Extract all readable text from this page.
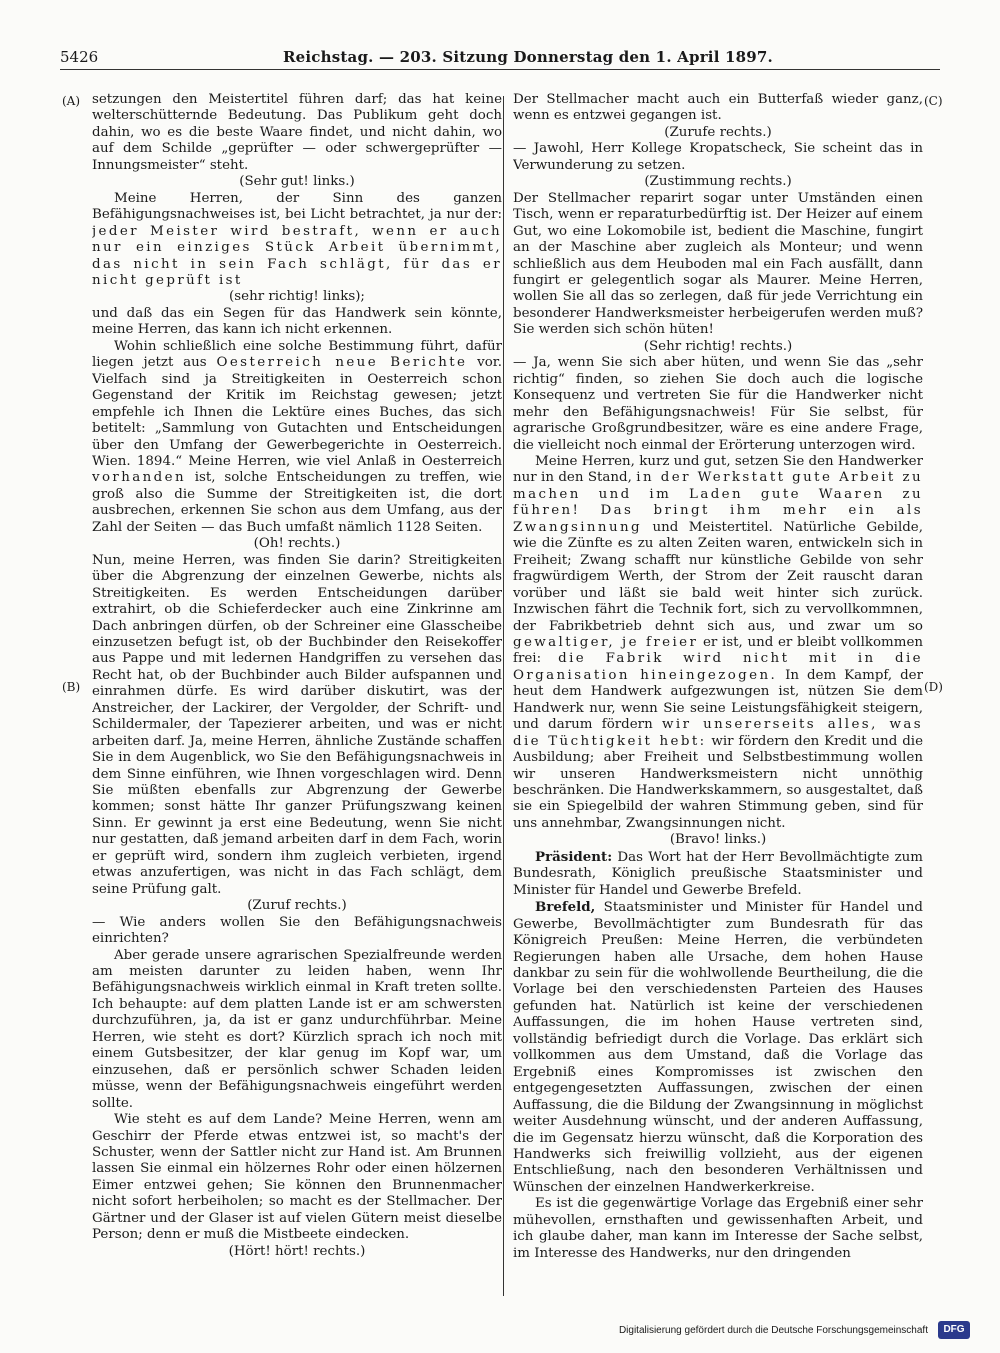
5426	Reichstag. — 203. Sitzung Donnerstag den 1. April 1897.
(A)
(B)
(C)
(D)

setzungen den Meistertitel führen darf; das hat keine welterschütternde Bedeutung. Das Publikum geht doch dahin, wo es die beste Waare findet, und nicht dahin, wo auf dem Schilde „geprüfter — oder schwergeprüfter — Innungsmeister“ steht.

(Sehr gut! links.)

Meine Herren, der Sinn des ganzen Befähigungsnachweises ist, bei Licht betrachtet, ja nur der: jeder Meister wird bestraft, wenn er auch nur ein einziges Stück Arbeit übernimmt, das nicht in sein Fach schlägt, für das er nicht geprüft ist

(sehr richtig! links);

und daß das ein Segen für das Handwerk sein könnte, meine Herren, das kann ich nicht erkennen.

Wohin schließlich eine solche Bestimmung führt, dafür liegen jetzt aus Oesterreich neue Berichte vor. Vielfach sind ja Streitigkeiten in Oesterreich schon Gegenstand der Kritik im Reichstag gewesen; jetzt empfehle ich Ihnen die Lektüre eines Buches, das sich betitelt: „Sammlung von Gutachten und Entscheidungen über den Umfang der Gewerbegerichte in Oesterreich. Wien. 1894.“ Meine Herren, wie viel Anlaß in Oesterreich vorhanden ist, solche Entscheidungen zu treffen, wie groß also die Summe der Streitigkeiten ist, die dort ausbrechen, erkennen Sie schon aus dem Umfang, aus der Zahl der Seiten — das Buch umfaßt nämlich 1128 Seiten.

(Oh! rechts.)

Nun, meine Herren, was finden Sie darin? Streitigkeiten über die Abgrenzung der einzelnen Gewerbe, nichts als Streitigkeiten. Es werden Entscheidungen darüber extrahirt, ob die Schieferdecker auch eine Zinkrinne am Dach anbringen dürfen, ob der Schreiner eine Glasscheibe einzusetzen befugt ist, ob der Buchbinder den Reisekoffer aus Pappe und mit ledernen Handgriffen zu versehen das Recht hat, ob der Buchbinder auch Bilder aufspannen und einrahmen dürfe. Es wird darüber diskutirt, was der Anstreicher, der Lackirer, der Vergolder, der Schrift- und Schildermaler, der Tapezierer arbeiten, und was er nicht arbeiten darf. Ja, meine Herren, ähnliche Zustände schaffen Sie in dem Augenblick, wo Sie den Befähigungsnachweis in dem Sinne einführen, wie Ihnen vorgeschlagen wird. Denn Sie müßten ebenfalls zur Abgrenzung der Gewerbe kommen; sonst hätte Ihr ganzer Prüfungszwang keinen Sinn. Er gewinnt ja erst eine Bedeutung, wenn Sie nicht nur gestatten, daß jemand arbeiten darf in dem Fach, worin er geprüft wird, sondern ihm zugleich verbieten, irgend etwas anzufertigen, was nicht in das Fach schlägt, dem seine Prüfung galt.

(Zuruf rechts.)

— Wie anders wollen Sie den Befähigungsnachweis einrichten?

Aber gerade unsere agrarischen Spezialfreunde werden am meisten darunter zu leiden haben, wenn Ihr Befähigungsnachweis wirklich einmal in Kraft treten sollte. Ich behaupte: auf dem platten Lande ist er am schwersten durchzuführen, ja, da ist er ganz undurchführbar. Meine Herren, wie steht es dort? Kürzlich sprach ich noch mit einem Gutsbesitzer, der klar genug im Kopf war, um einzusehen, daß er persönlich schwer Schaden leiden müsse, wenn der Befähigungsnachweis eingeführt werden sollte.

Wie steht es auf dem Lande? Meine Herren, wenn am Geschirr der Pferde etwas entzwei ist, so macht's der Schuster, wenn der Sattler nicht zur Hand ist. Am Brunnen lassen Sie einmal ein hölzernes Rohr oder einen hölzernen Eimer entzwei gehen; Sie können den Brunnenmacher nicht sofort herbeiholen; so macht es der Stellmacher. Der Gärtner und der Glaser ist auf vielen Gütern meist dieselbe Person; denn er muß die Mistbeete eindecken.

(Hört! hört! rechts.)

Der Stellmacher macht auch ein Butterfaß wieder ganz, wenn es entzwei gegangen ist.

(Zurufe rechts.)

— Jawohl, Herr Kollege Kropatscheck, Sie scheint das in Verwunderung zu setzen.

(Zustimmung rechts.)

Der Stellmacher reparirt sogar unter Umständen einen Tisch, wenn er reparaturbedürftig ist. Der Heizer auf einem Gut, wo eine Lokomobile ist, bedient die Maschine, fungirt an der Maschine aber zugleich als Monteur; und wenn schließlich aus dem Heuboden mal ein Fach ausfällt, dann fungirt er gelegentlich sogar als Maurer. Meine Herren, wollen Sie all das so zerlegen, daß für jede Verrichtung ein besonderer Handwerksmeister herbeigerufen werden muß? Sie werden sich schön hüten!

(Sehr richtig! rechts.)

— Ja, wenn Sie sich aber hüten, und wenn Sie das „sehr richtig“ finden, so ziehen Sie doch auch die logische Konsequenz und vertreten Sie für die Handwerker nicht mehr den Befähigungsnachweis! Für Sie selbst, für agrarische Großgrundbesitzer, wäre es eine andere Frage, die vielleicht noch einmal der Erörterung unterzogen wird.

Meine Herren, kurz und gut, setzen Sie den Handwerker nur in den Stand, in der Werkstatt gute Arbeit zu machen und im Laden gute Waaren zu führen! Das bringt ihm mehr ein als Zwangsinnung und Meistertitel. Natürliche Gebilde, wie die Zünfte es zu alten Zeiten waren, entwickeln sich in Freiheit; Zwang schafft nur künstliche Gebilde von sehr fragwürdigem Werth, der Strom der Zeit rauscht daran vorüber und läßt sie bald weit hinter sich zurück. Inzwischen fährt die Technik fort, sich zu vervollkommnen, der Fabrikbetrieb dehnt sich aus, und zwar um so gewaltiger, je freier er ist, und er bleibt vollkommen frei: die Fabrik wird nicht mit in die Organisation hineingezogen. In dem Kampf, der heut dem Handwerk aufgezwungen ist, nützen Sie dem Handwerk nur, wenn Sie seine Leistungsfähigkeit steigern, und darum fördern wir unsererseits alles, was die Tüchtigkeit hebt: wir fördern den Kredit und die Ausbildung; aber Freiheit und Selbstbestimmung wollen wir unseren Handwerksmeistern nicht unnöthig beschränken. Die Handwerkskammern, so ausgestaltet, daß sie ein Spiegelbild der wahren Stimmung geben, sind für uns annehmbar, Zwangsinnungen nicht.

(Bravo! links.)

Präsident: Das Wort hat der Herr Bevollmächtigte zum Bundesrath, Königlich preußische Staatsminister und Minister für Handel und Gewerbe Brefeld.

Brefeld, Staatsminister und Minister für Handel und Gewerbe, Bevollmächtigter zum Bundesrath für das Königreich Preußen: Meine Herren, die verbündeten Regierungen haben alle Ursache, dem hohen Hause dankbar zu sein für die wohlwollende Beurtheilung, die die Vorlage bei den verschiedensten Parteien des Hauses gefunden hat. Natürlich ist keine der verschiedenen Auffassungen, die im hohen Hause vertreten sind, vollständig befriedigt durch die Vorlage. Das erklärt sich vollkommen aus dem Umstand, daß die Vorlage das Ergebniß eines Kompromisses ist zwischen den entgegengesetzten Auffassungen, zwischen der einen Auffassung, die die Bildung der Zwangsinnung in möglichst weiter Ausdehnung wünscht, und der anderen Auffassung, die im Gegensatz hierzu wünscht, daß die Korporation des Handwerks sich freiwillig vollzieht, aus der eigenen Entschließung, nach den besonderen Verhältnissen und Wünschen der einzelnen Handwerkerkreise.

Es ist die gegenwärtige Vorlage das Ergebniß einer sehr mühevollen, ernsthaften und gewissenhaften Arbeit, und ich glaube daher, man kann im Interesse der Sache selbst, im Interesse des Handwerks, nur den dringenden

Digitalisierung gefördert durch die Deutsche Forschungsgemeinschaft	DFG
